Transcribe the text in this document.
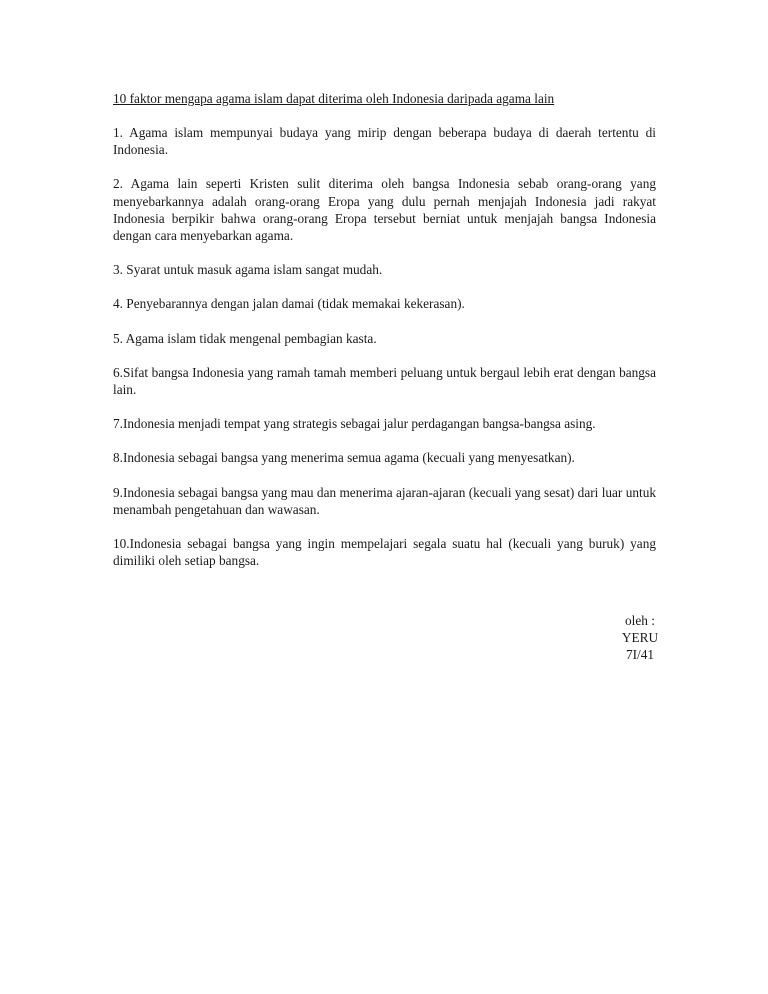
10 faktor mengapa agama islam dapat diterima oleh Indonesia daripada agama lain

1. Agama islam mempunyai budaya yang mirip dengan beberapa budaya di daerah tertentu di Indonesia.

2. Agama lain seperti Kristen sulit diterima oleh bangsa Indonesia sebab orang-orang yang menyebarkannya adalah orang-orang Eropa yang dulu pernah menjajah Indonesia jadi rakyat Indonesia berpikir bahwa orang-orang Eropa tersebut berniat untuk menjajah bangsa Indonesia dengan cara menyebarkan agama.

3. Syarat untuk masuk agama islam sangat mudah.

4. Penyebarannya dengan jalan damai (tidak memakai kekerasan).

5. Agama islam tidak mengenal pembagian kasta.

6.Sifat bangsa Indonesia yang ramah tamah memberi peluang untuk bergaul lebih erat dengan bangsa lain.

7.Indonesia menjadi tempat yang strategis sebagai jalur perdagangan bangsa-bangsa asing.

8.Indonesia sebagai bangsa yang menerima semua agama (kecuali yang menyesatkan).

9.Indonesia sebagai bangsa yang mau dan menerima ajaran-ajaran (kecuali yang sesat) dari luar untuk menambah pengetahuan dan wawasan.

10.Indonesia sebagai bangsa yang ingin mempelajari segala suatu hal (kecuali yang buruk) yang dimiliki oleh setiap bangsa.

oleh :
YERU
7I/41
